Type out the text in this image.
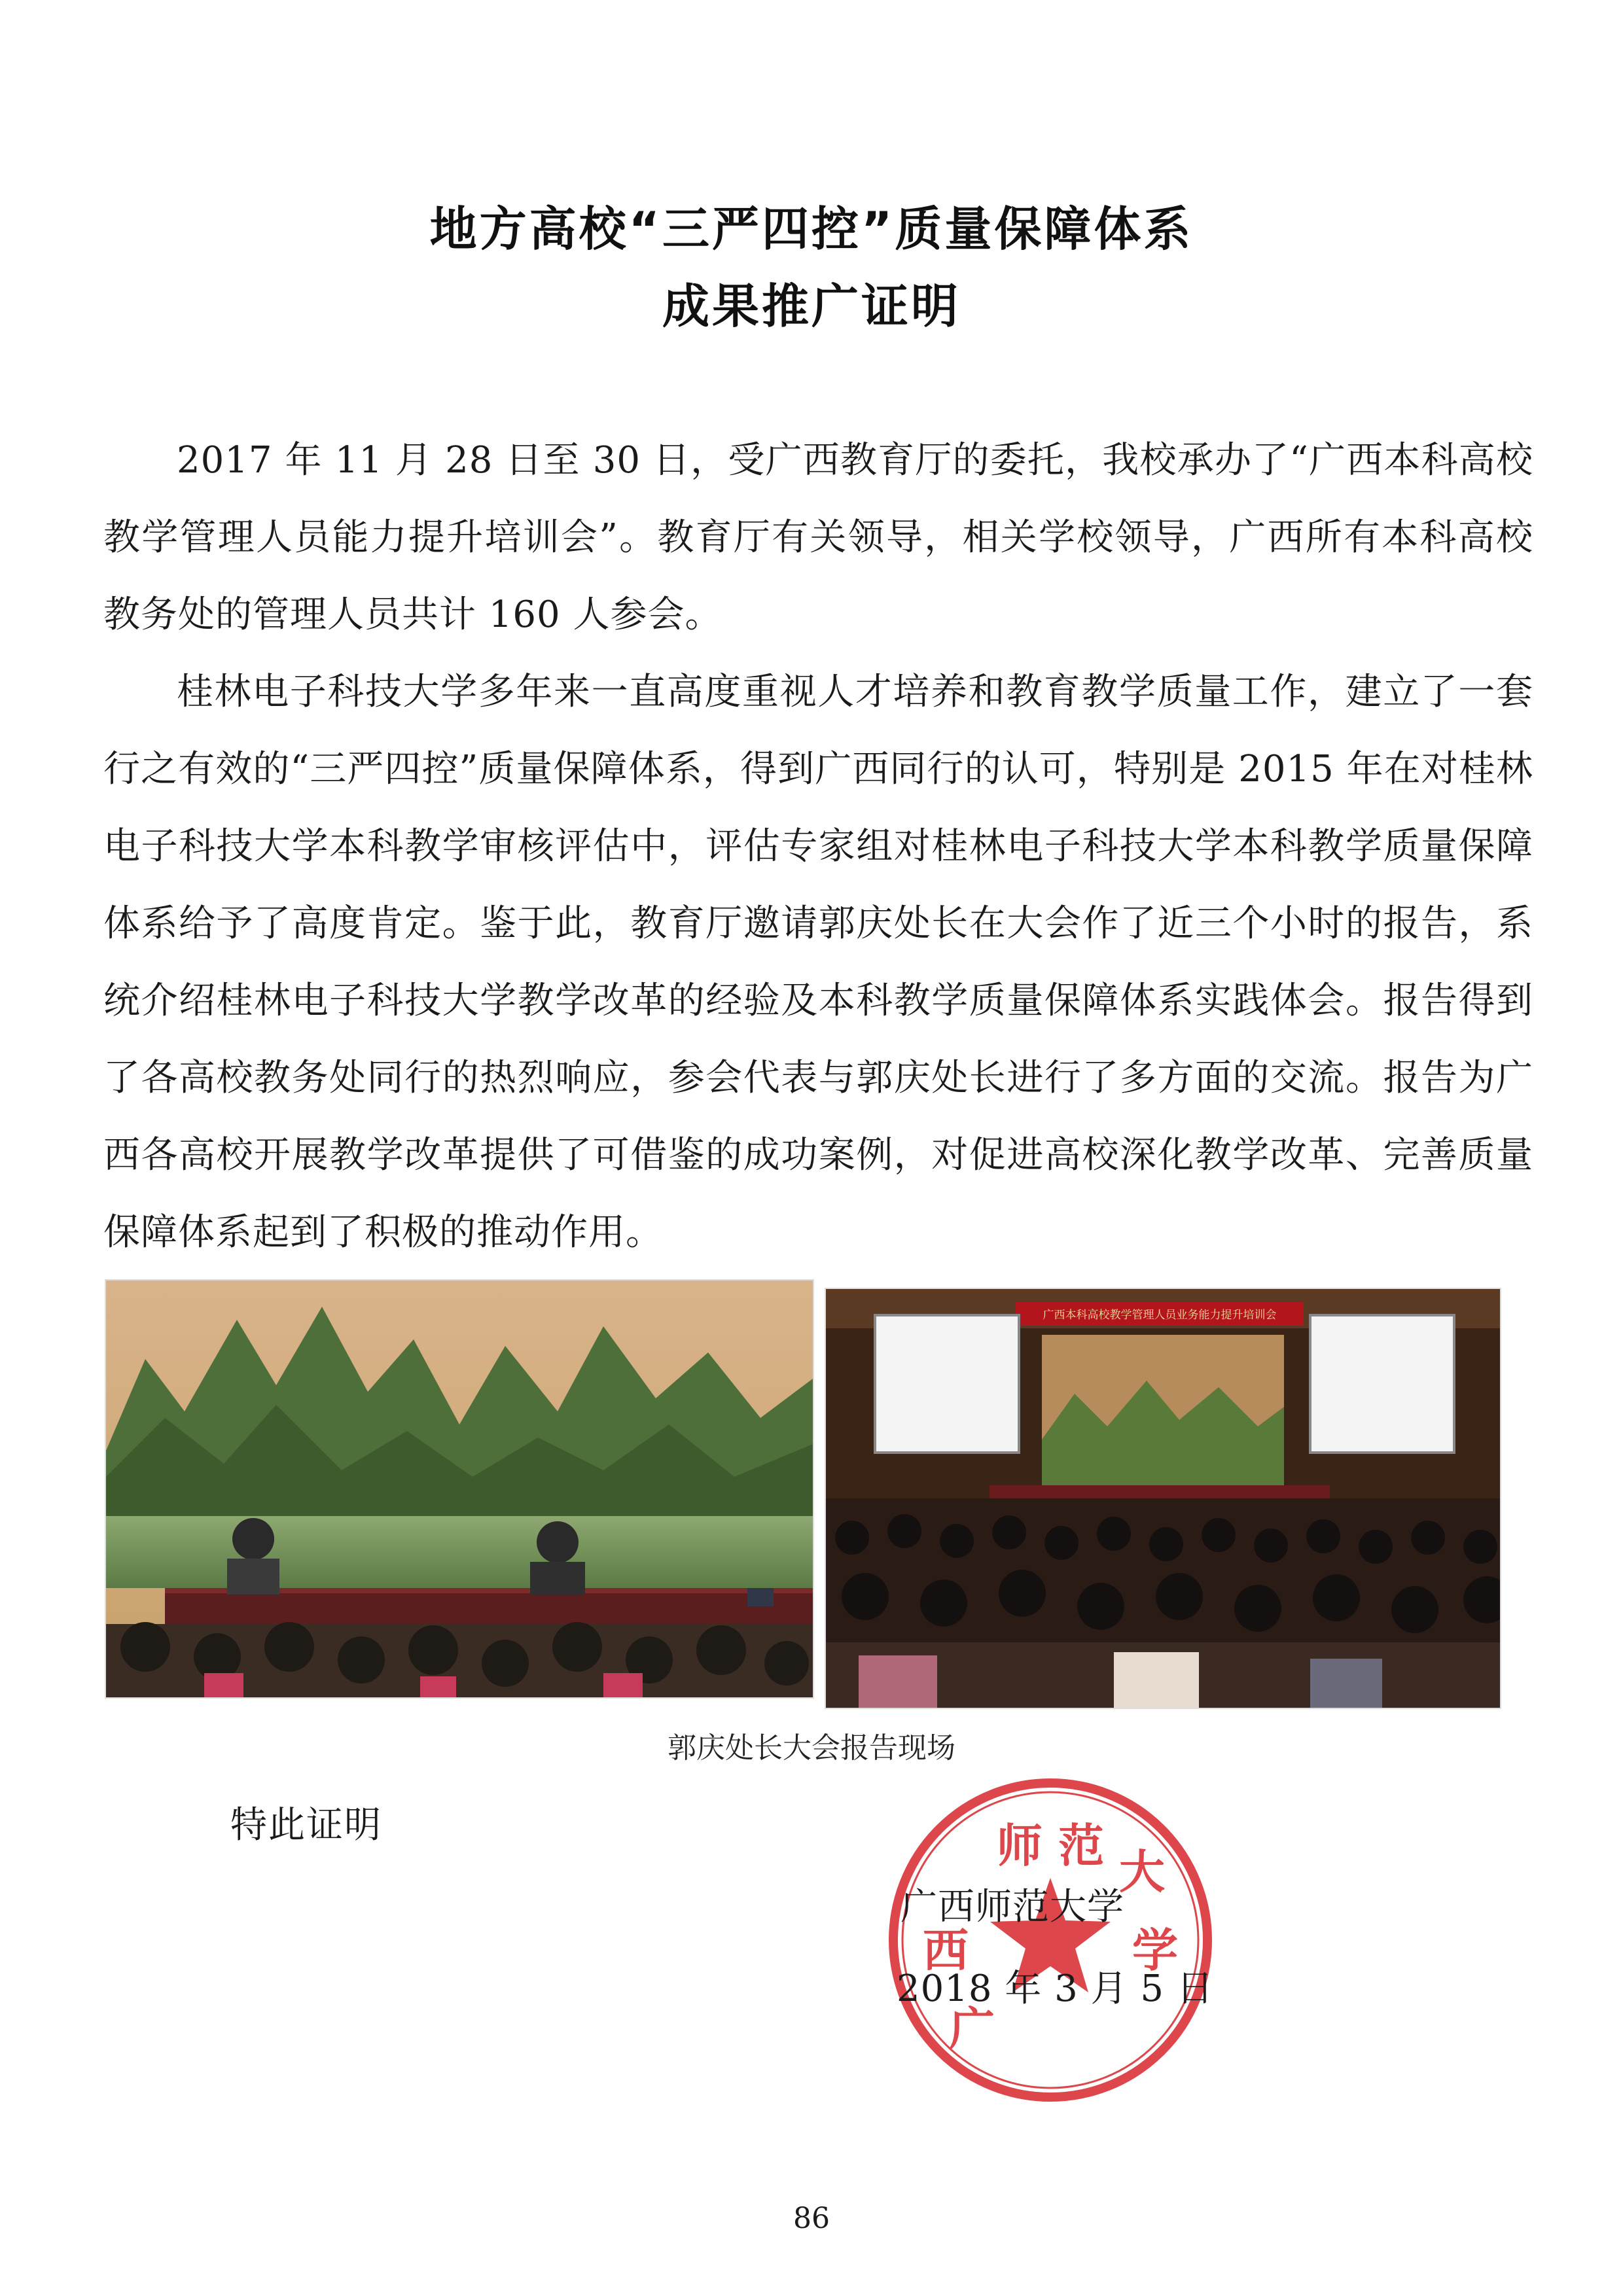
地方高校“三严四控”质量保障体系
成果推广证明

2017 年 11 月 28 日至 30 日，受广西教育厅的委托，我校承办了“广西本科高校教学管理人员能力提升培训会”。教育厅有关领导，相关学校领导，广西所有本科高校教务处的管理人员共计 160 人参会。

桂林电子科技大学多年来一直高度重视人才培养和教育教学质量工作，建立了一套行之有效的“三严四控”质量保障体系，得到广西同行的认可，特别是 2015 年在对桂林电子科技大学本科教学审核评估中，评估专家组对桂林电子科技大学本科教学质量保障体系给予了高度肯定。鉴于此，教育厅邀请郭庆处长在大会作了近三个小时的报告，系统介绍桂林电子科技大学教学改革的经验及本科教学质量保障体系实践体会。报告得到了各高校教务处同行的热烈响应，参会代表与郭庆处长进行了多方面的交流。报告为广西各高校开展教学改革提供了可借鉴的成功案例，对促进高校深化教学改革、完善质量保障体系起到了积极的推动作用。

广西本科高校教学管理人员业务能力提升培训会
郭庆处长大会报告现场
特此证明	师 范
西	学
广
大
广西师范大学
2018 年 3 月 5 日
86
